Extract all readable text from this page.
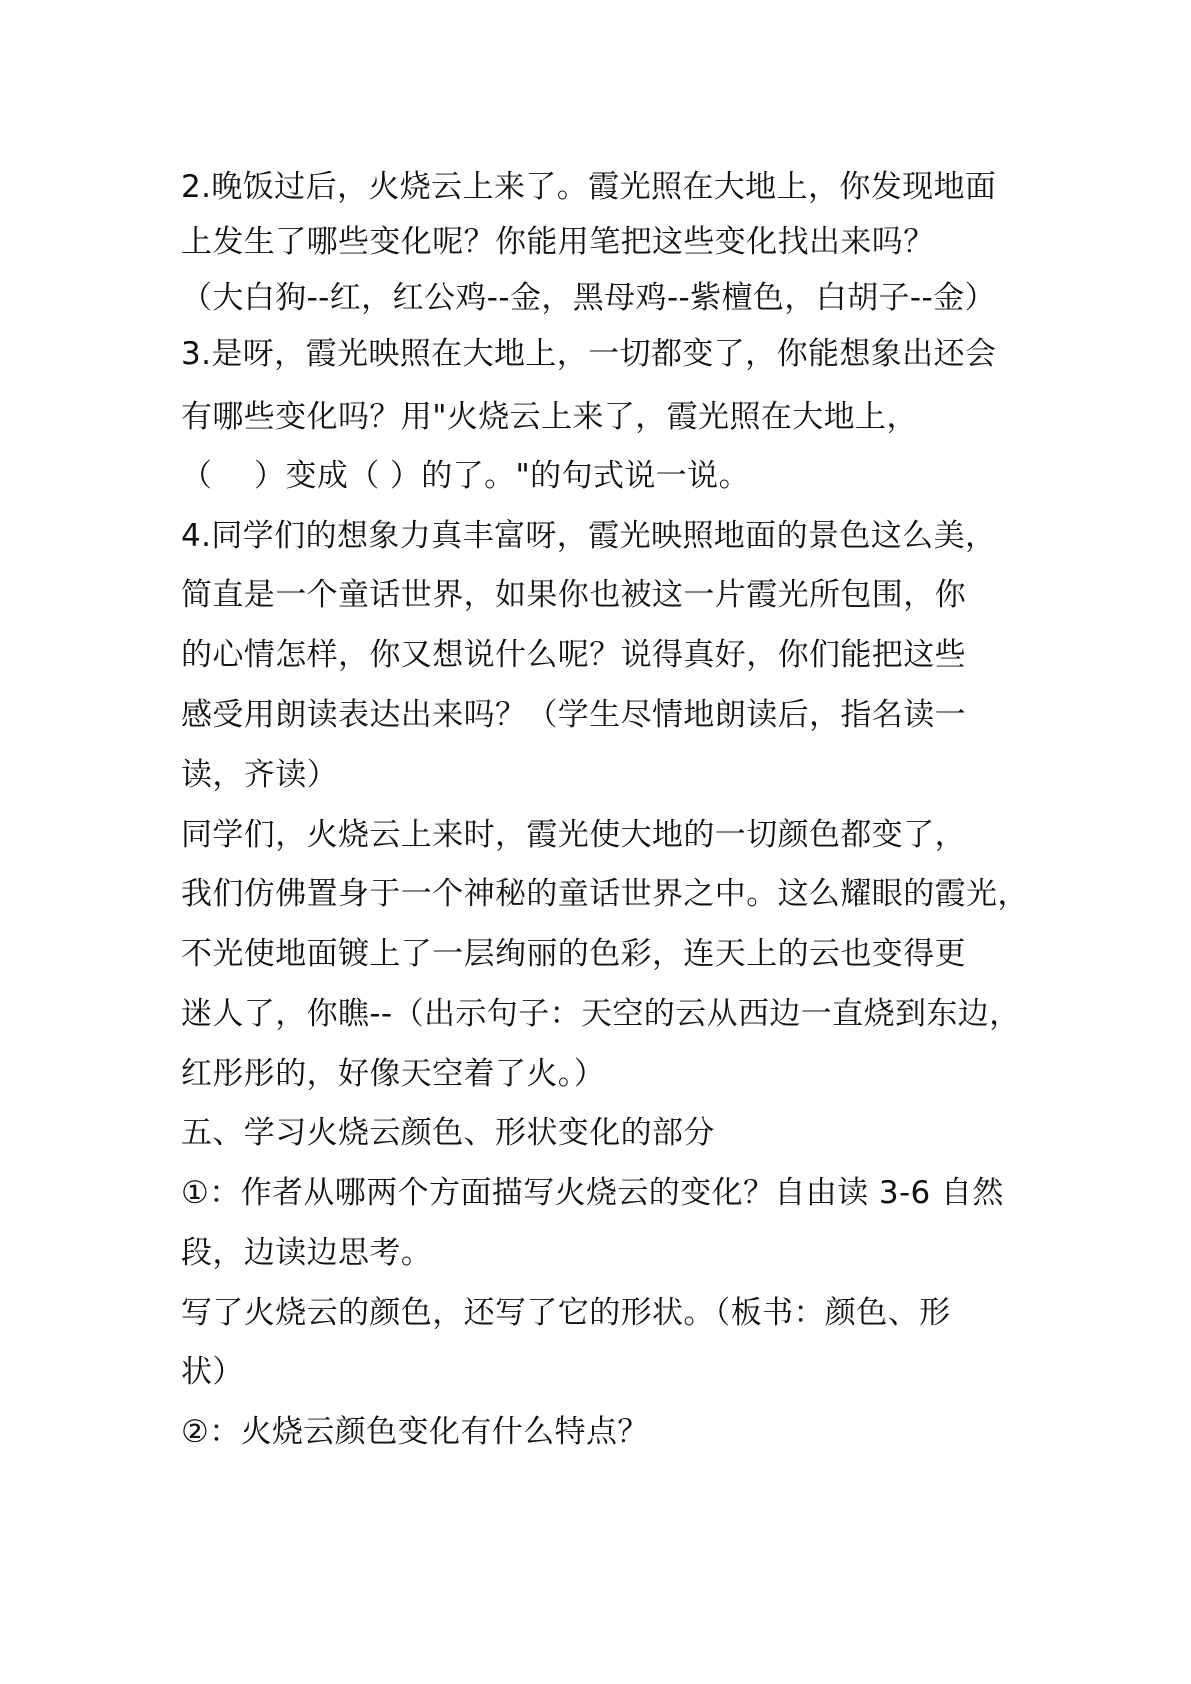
2.晚饭过后，火烧云上来了。霞光照在大地上，你发现地面
上发生了哪些变化呢？你能用笔把这些变化找出来吗？
（大白狗--红，红公鸡--金，黑母鸡--紫檀色，白胡子--金）
3.是呀，霞光映照在大地上，一切都变了，你能想象出还会
有哪些变化吗？用"火烧云上来了，霞光照在大地上，
（　 ）变成（ ）的了。"的句式说一说。
4.同学们的想象力真丰富呀，霞光映照地面的景色这么美，
简直是一个童话世界，如果你也被这一片霞光所包围，你
的心情怎样，你又想说什么呢？说得真好，你们能把这些
感受用朗读表达出来吗？（学生尽情地朗读后，指名读一
读，齐读）
同学们，火烧云上来时，霞光使大地的一切颜色都变了，
我们仿佛置身于一个神秘的童话世界之中。这么耀眼的霞光，
不光使地面镀上了一层绚丽的色彩，连天上的云也变得更
迷人了，你瞧--（出示句子：天空的云从西边一直烧到东边，
红彤彤的，好像天空着了火。）
五、学习火烧云颜色、形状变化的部分
①：作者从哪两个方面描写火烧云的变化？自由读 3-6 自然
段，边读边思考。
写了火烧云的颜色，还写了它的形状。（板书：颜色、形
状）
②：火烧云颜色变化有什么特点？
